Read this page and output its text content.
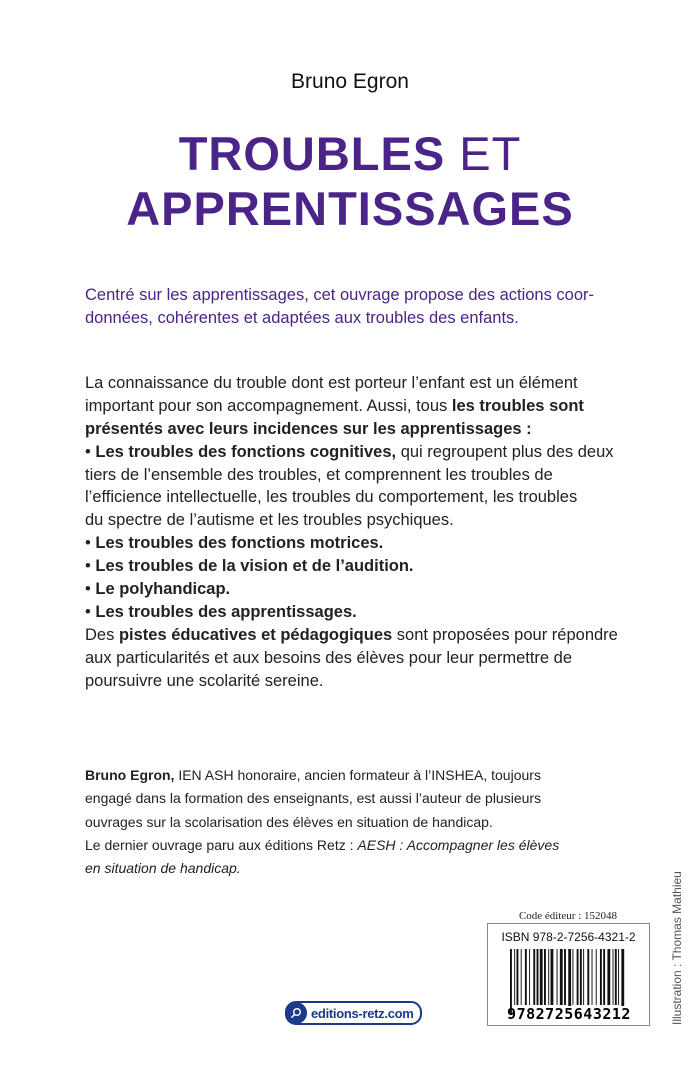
Bruno Egron
TROUBLES ET
APPRENTISSAGES
Centré sur les apprentissages, cet ouvrage propose des actions coor-
données, cohérentes et adaptées aux troubles des enfants.
La connaissance du trouble dont est porteur l’enfant est un élément
important pour son accompagnement. Aussi, tous les troubles sont
présentés avec leurs incidences sur les apprentissages :
• Les troubles des fonctions cognitives, qui regroupent plus des deux
tiers de l’ensemble des troubles, et comprennent les troubles de
l’efficience intellectuelle, les troubles du comportement, les troubles
du spectre de l’autisme et les troubles psychiques.
• Les troubles des fonctions motrices.
• Les troubles de la vision et de l’audition.
• Le polyhandicap.
• Les troubles des apprentissages.
Des pistes éducatives et pédagogiques sont proposées pour répondre
aux particularités et aux besoins des élèves pour leur permettre de
poursuivre une scolarité sereine.
Bruno Egron, IEN ASH honoraire, ancien formateur à l’INSHEA, toujours
engagé dans la formation des enseignants, est aussi l’auteur de plusieurs
ouvrages sur la scolarisation des élèves en situation de handicap.
Le dernier ouvrage paru aux éditions Retz : AESH : Accompagner les élèves
en situation de handicap.
Code éditeur : 152048
ISBN 978-2-7256-4321-2
9782725643212	Illustration : Thomas Mathieu
editions-retz.com
